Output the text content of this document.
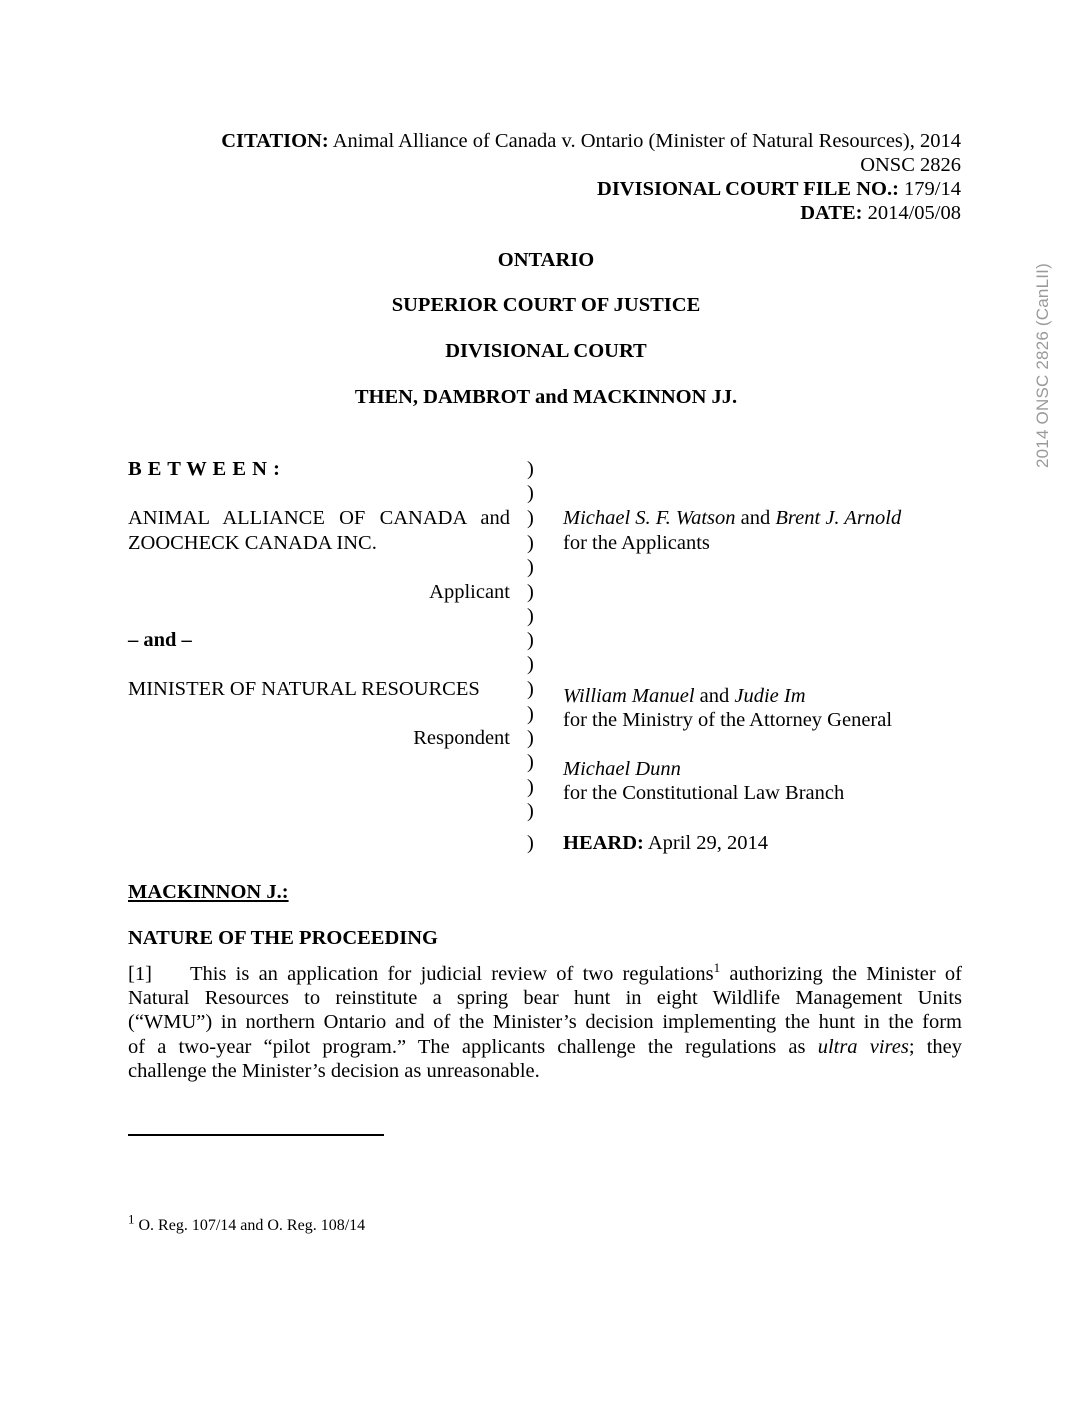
CITATION: Animal Alliance of Canada v. Ontario (Minister of Natural Resources), 2014
ONSC 2826
DIVISIONAL COURT FILE NO.: 179/14
DATE: 2014/05/08
ONTARIO
SUPERIOR COURT OF JUSTICE
DIVISIONAL COURT
THEN, DAMBROT and MACKINNON JJ.
B E T W E E N :
ANIMAL ALLIANCE OF CANADA and
ZOOCHECK CANADA INC.
Applicant
– and –
MINISTER OF NATURAL RESOURCES
Respondent
)
)
)
)
)
)
)
)
)
)
)
)
)
)
)
)
Michael S. F. Watson and Brent J. Arnold
for the Applicants
William Manuel and Judie Im
for the Ministry of the Attorney General
Michael Dunn
for the Constitutional Law Branch
HEARD: April 29, 2014
MACKINNON J.:
NATURE OF THE PROCEEDING
[1] This is an application for judicial review of two regulations$^1$ authorizing the Minister of
Natural Resources to reinstitute a spring bear hunt in eight Wildlife Management Units
(“WMU”) in northern Ontario and of the Minister’s decision implementing the hunt in the form
of a two-year “pilot program.” The applicants challenge the regulations as ultra vires; they
challenge the Minister’s decision as unreasonable.
$^1$ O. Reg. 107/14 and O. Reg. 108/14
2014 ONSC 2826 (CanLII)
